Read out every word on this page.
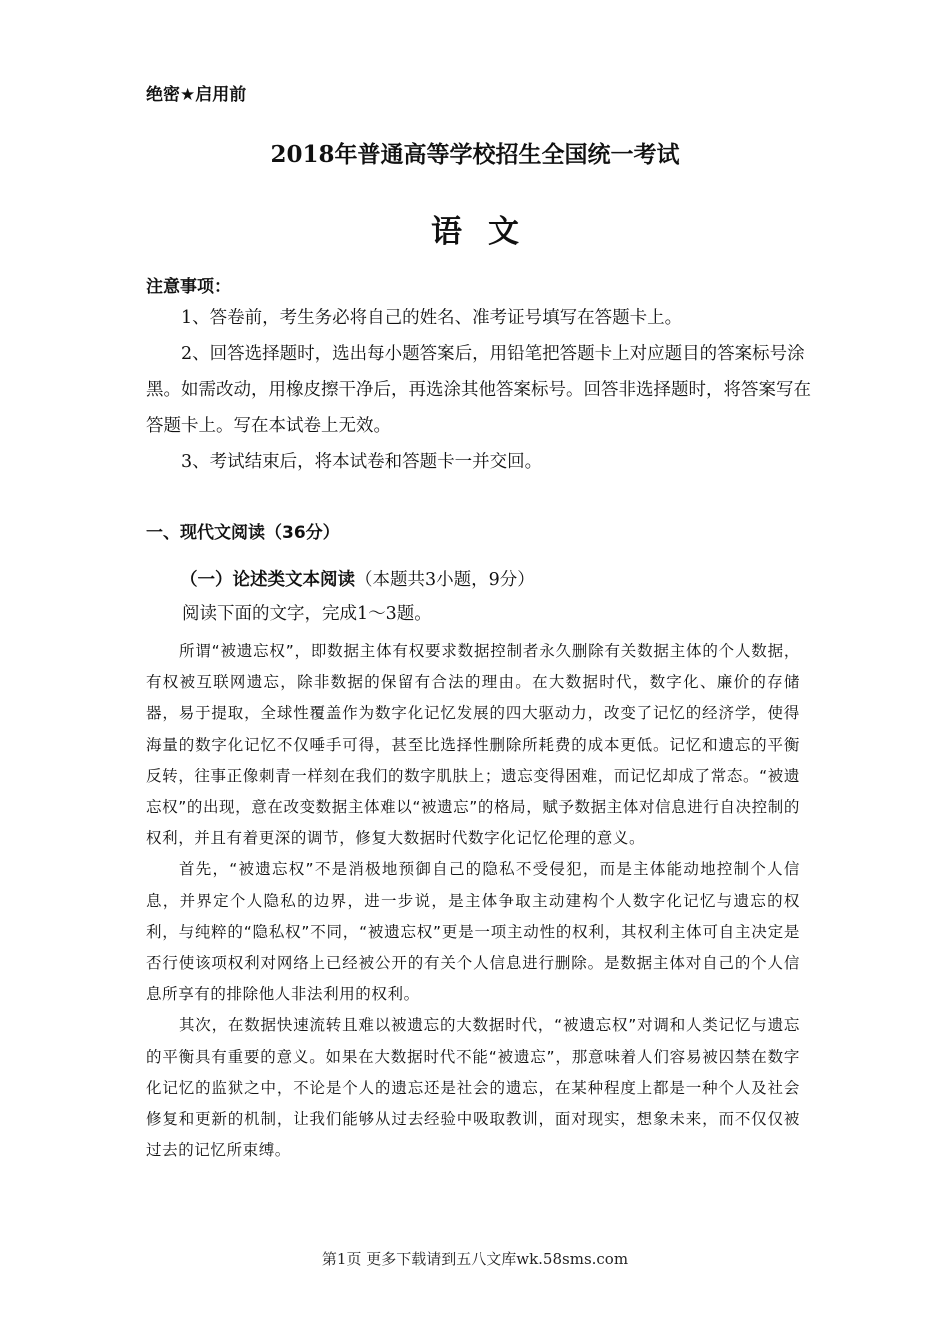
绝密★启用前
2018年普通高等学校招生全国统一考试
语文
注意事项：

1、答卷前，考生务必将自己的姓名、准考证号填写在答题卡上。

2、回答选择题时，选出每小题答案后，用铅笔把答题卡上对应题目的答案标号涂黑。如需改动，用橡皮擦干净后，再选涂其他答案标号。回答非选择题时，将答案写在答题卡上。写在本试卷上无效。

3、考试结束后，将本试卷和答题卡一并交回。

一、现代文阅读（36分）
（一）论述类文本阅读（本题共3小题，9分）
阅读下面的文字，完成1～3题。

所谓“被遗忘权”，即数据主体有权要求数据控制者永久删除有关数据主体的个人数据，有权被互联网遗忘，除非数据的保留有合法的理由。在大数据时代，数字化、廉价的存储器，易于提取，全球性覆盖作为数字化记忆发展的四大驱动力，改变了记忆的经济学，使得海量的数字化记忆不仅唾手可得，甚至比选择性删除所耗费的成本更低。记忆和遗忘的平衡反转，往事正像刺青一样刻在我们的数字肌肤上；遗忘变得困难，而记忆却成了常态。“被遗忘权”的出现，意在改变数据主体难以“被遗忘”的格局，赋予数据主体对信息进行自决控制的权利，并且有着更深的调节，修复大数据时代数字化记忆伦理的意义。

首先，“被遗忘权”不是消极地预御自己的隐私不受侵犯，而是主体能动地控制个人信息，并界定个人隐私的边界，进一步说，是主体争取主动建构个人数字化记忆与遗忘的权利，与纯粹的“隐私权”不同，“被遗忘权”更是一项主动性的权利，其权利主体可自主决定是否行使该项权利对网络上已经被公开的有关个人信息进行删除。是数据主体对自己的个人信息所享有的排除他人非法利用的权利。

其次，在数据快速流转且难以被遗忘的大数据时代，“被遗忘权”对调和人类记忆与遗忘的平衡具有重要的意义。如果在大数据时代不能“被遗忘”，那意味着人们容易被囚禁在数字化记忆的监狱之中，不论是个人的遗忘还是社会的遗忘，在某种程度上都是一种个人及社会修复和更新的机制，让我们能够从过去经验中吸取教训，面对现实，想象未来，而不仅仅被过去的记忆所束缚。

第1页 更多下载请到五八文库wk.58sms.com
